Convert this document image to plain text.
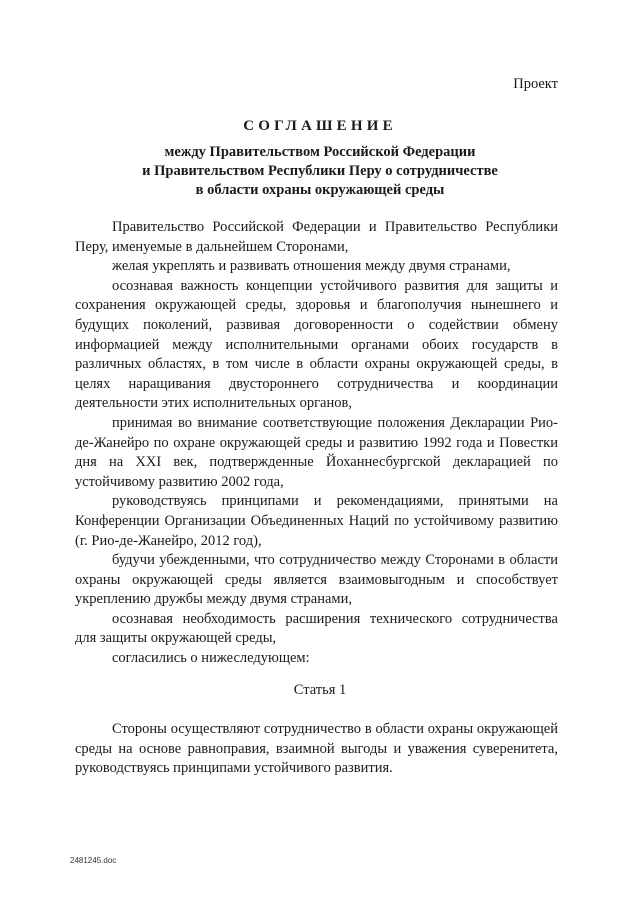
Проект
СОГЛАШЕНИЕ
между Правительством Российской Федерации
и Правительством Республики Перу о сотрудничестве
в области охраны окружающей среды

Правительство Российской Федерации и Правительство Республики Перу, именуемые в дальнейшем Сторонами,

желая укреплять и развивать отношения между двумя странами,

осознавая важность концепции устойчивого развития для защиты и сохранения окружающей среды, здоровья и благополучия нынешнего и будущих поколений, развивая договоренности о содействии обмену информацией между исполнительными органами обоих государств в различных областях, в том числе в области охраны окружающей среды, в целях наращивания двустороннего сотрудничества и координации деятельности этих исполнительных органов,

принимая во внимание соответствующие положения Декларации Рио-де-Жанейро по охране окружающей среды и развитию 1992 года и Повестки дня на XXI век, подтвержденные Йоханнесбургской декларацией по устойчивому развитию 2002 года,

руководствуясь принципами и рекомендациями, принятыми на Конференции Организации Объединенных Наций по устойчивому развитию (г. Рио-де-Жанейро, 2012 год),

будучи убежденными, что сотрудничество между Сторонами в области охраны окружающей среды является взаимовыгодным и способствует укреплению дружбы между двумя странами,

осознавая необходимость расширения технического сотрудничества для защиты окружающей среды,

согласились о нижеследующем:

Статья 1

Стороны осуществляют сотрудничество в области охраны окружающей среды на основе равноправия, взаимной выгоды и уважения суверенитета, руководствуясь принципами устойчивого развития.

2481245.doc
